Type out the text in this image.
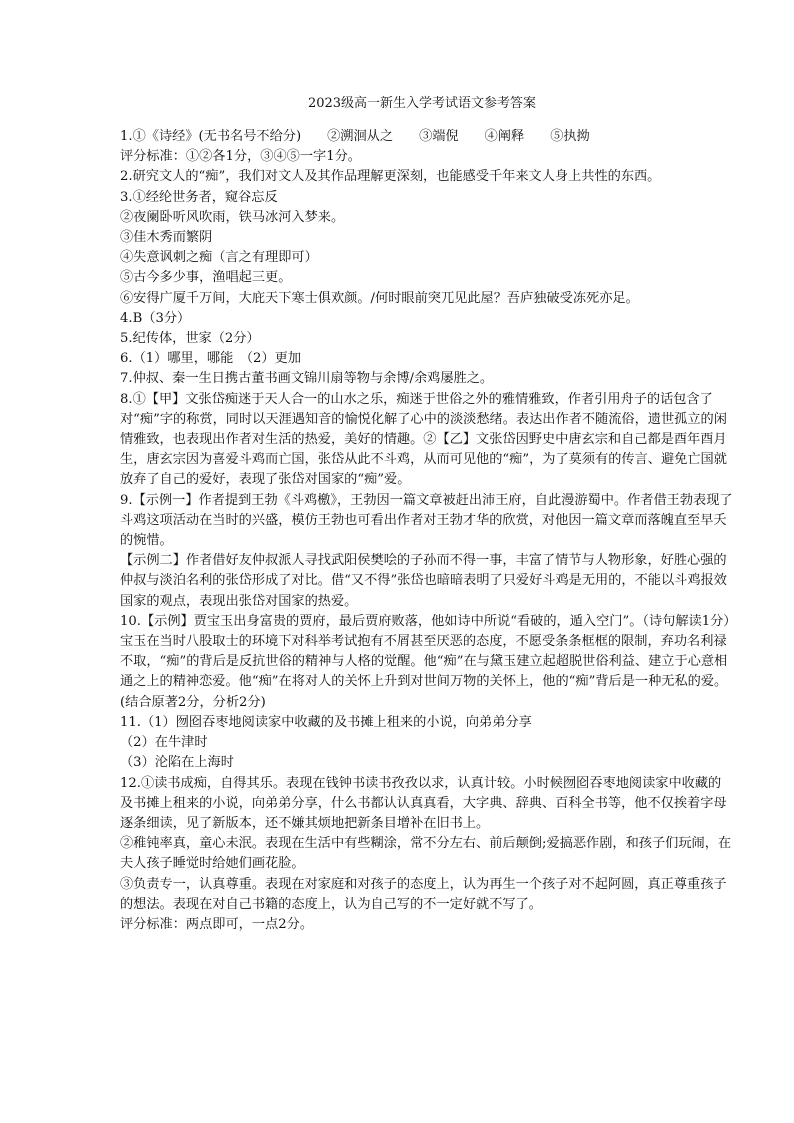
2023级高一新生入学考试语文参考答案
1.①《诗经》(无书名号不给分) ②溯洄从之 ③端倪 ④阐释 ⑤执拗

评分标准：①②各1分，③④⑤一字1分。

2.研究文人的“痴”，我们对文人及其作品理解更深刻，也能感受千年来文人身上共性的东西。

3.①经纶世务者，窥谷忘反

②夜阑卧听风吹雨，铁马冰河入梦来。

③佳木秀而繁阴

④失意讽刺之痴（言之有理即可）

⑤古今多少事，渔唱起三更。

⑥安得广厦千万间，大庇天下寒士俱欢颜。/何时眼前突兀见此屋？吾庐独破受冻死亦足。

4.B（3分）

5.纪传体，世家（2分）

6.（1）哪里，哪能　（2）更加

7.仲叔、秦一生日携古董书画文锦川扇等物与余博/余鸡屡胜之。

8.①【甲】文张岱痴迷于天人合一的山水之乐，痴迷于世俗之外的雅情雅致，作者引用舟子的话包含了对“痴”字的称赏，同时以天涯遇知音的愉悦化解了心中的淡淡愁绪。表达出作者不随流俗，遗世孤立的闲情雅致，也表现出作者对生活的热爱，美好的情趣。②【乙】文张岱因野史中唐玄宗和自己都是酉年酉月生，唐玄宗因为喜爱斗鸡而亡国，张岱从此不斗鸡，从而可见他的“痴”，为了莫须有的传言、避免亡国就放弃了自己的爱好，表现了张岱对国家的“痴”爱。

9.【示例一】作者提到王勃《斗鸡檄》，王勃因一篇文章被赶出沛王府，自此漫游蜀中。作者借王勃表现了斗鸡这项活动在当时的兴盛，模仿王勃也可看出作者对王勃才华的欣赏，对他因一篇文章而落魄直至早夭的惋惜。

【示例二】作者借好友仲叔派人寻找武阳侯樊哙的子孙而不得一事，丰富了情节与人物形象，好胜心强的仲叔与淡泊名利的张岱形成了对比。借“又不得”张岱也暗暗表明了只爱好斗鸡是无用的，不能以斗鸡报效国家的观点，表现出张岱对国家的热爱。

10.【示例】贾宝玉出身富贵的贾府，最后贾府败落，他如诗中所说“看破的，遁入空门”。（诗句解读1分）宝玉在当时八股取士的环境下对科举考试抱有不屑甚至厌恶的态度，不愿受条条框框的限制，弃功名利禄不取，“痴”的背后是反抗世俗的精神与人格的觉醒。他“痴”在与黛玉建立起超脱世俗利益、建立于心意相通之上的精神恋爱。他“痴”在将对人的关怀上升到对世间万物的关怀上，他的“痴”背后是一种无私的爱。(结合原著2分，分析2分)

11.（1）囫囵吞枣地阅读家中收藏的及书摊上租来的小说，向弟弟分享

（2）在牛津时

（3）沦陷在上海时

12.①读书成痴，自得其乐。表现在钱钟书读书孜孜以求，认真计较。小时候囫囵吞枣地阅读家中收藏的及书摊上租来的小说，向弟弟分享，什么书都认认真真看，大字典、辞典、百科全书等，他不仅挨着字母逐条细读，见了新版本，还不嫌其烦地把新条目增补在旧书上。

②稚钝率真，童心未泯。表现在生活中有些糊涂，常不分左右、前后颠倒;爱搞恶作剧，和孩子们玩闹，在夫人孩子睡觉时给她们画花脸。

③负责专一，认真尊重。表现在对家庭和对孩子的态度上，认为再生一个孩子对不起阿圆，真正尊重孩子的想法。表现在对自己书籍的态度上，认为自己写的不一定好就不写了。

评分标准：两点即可，一点2分。
